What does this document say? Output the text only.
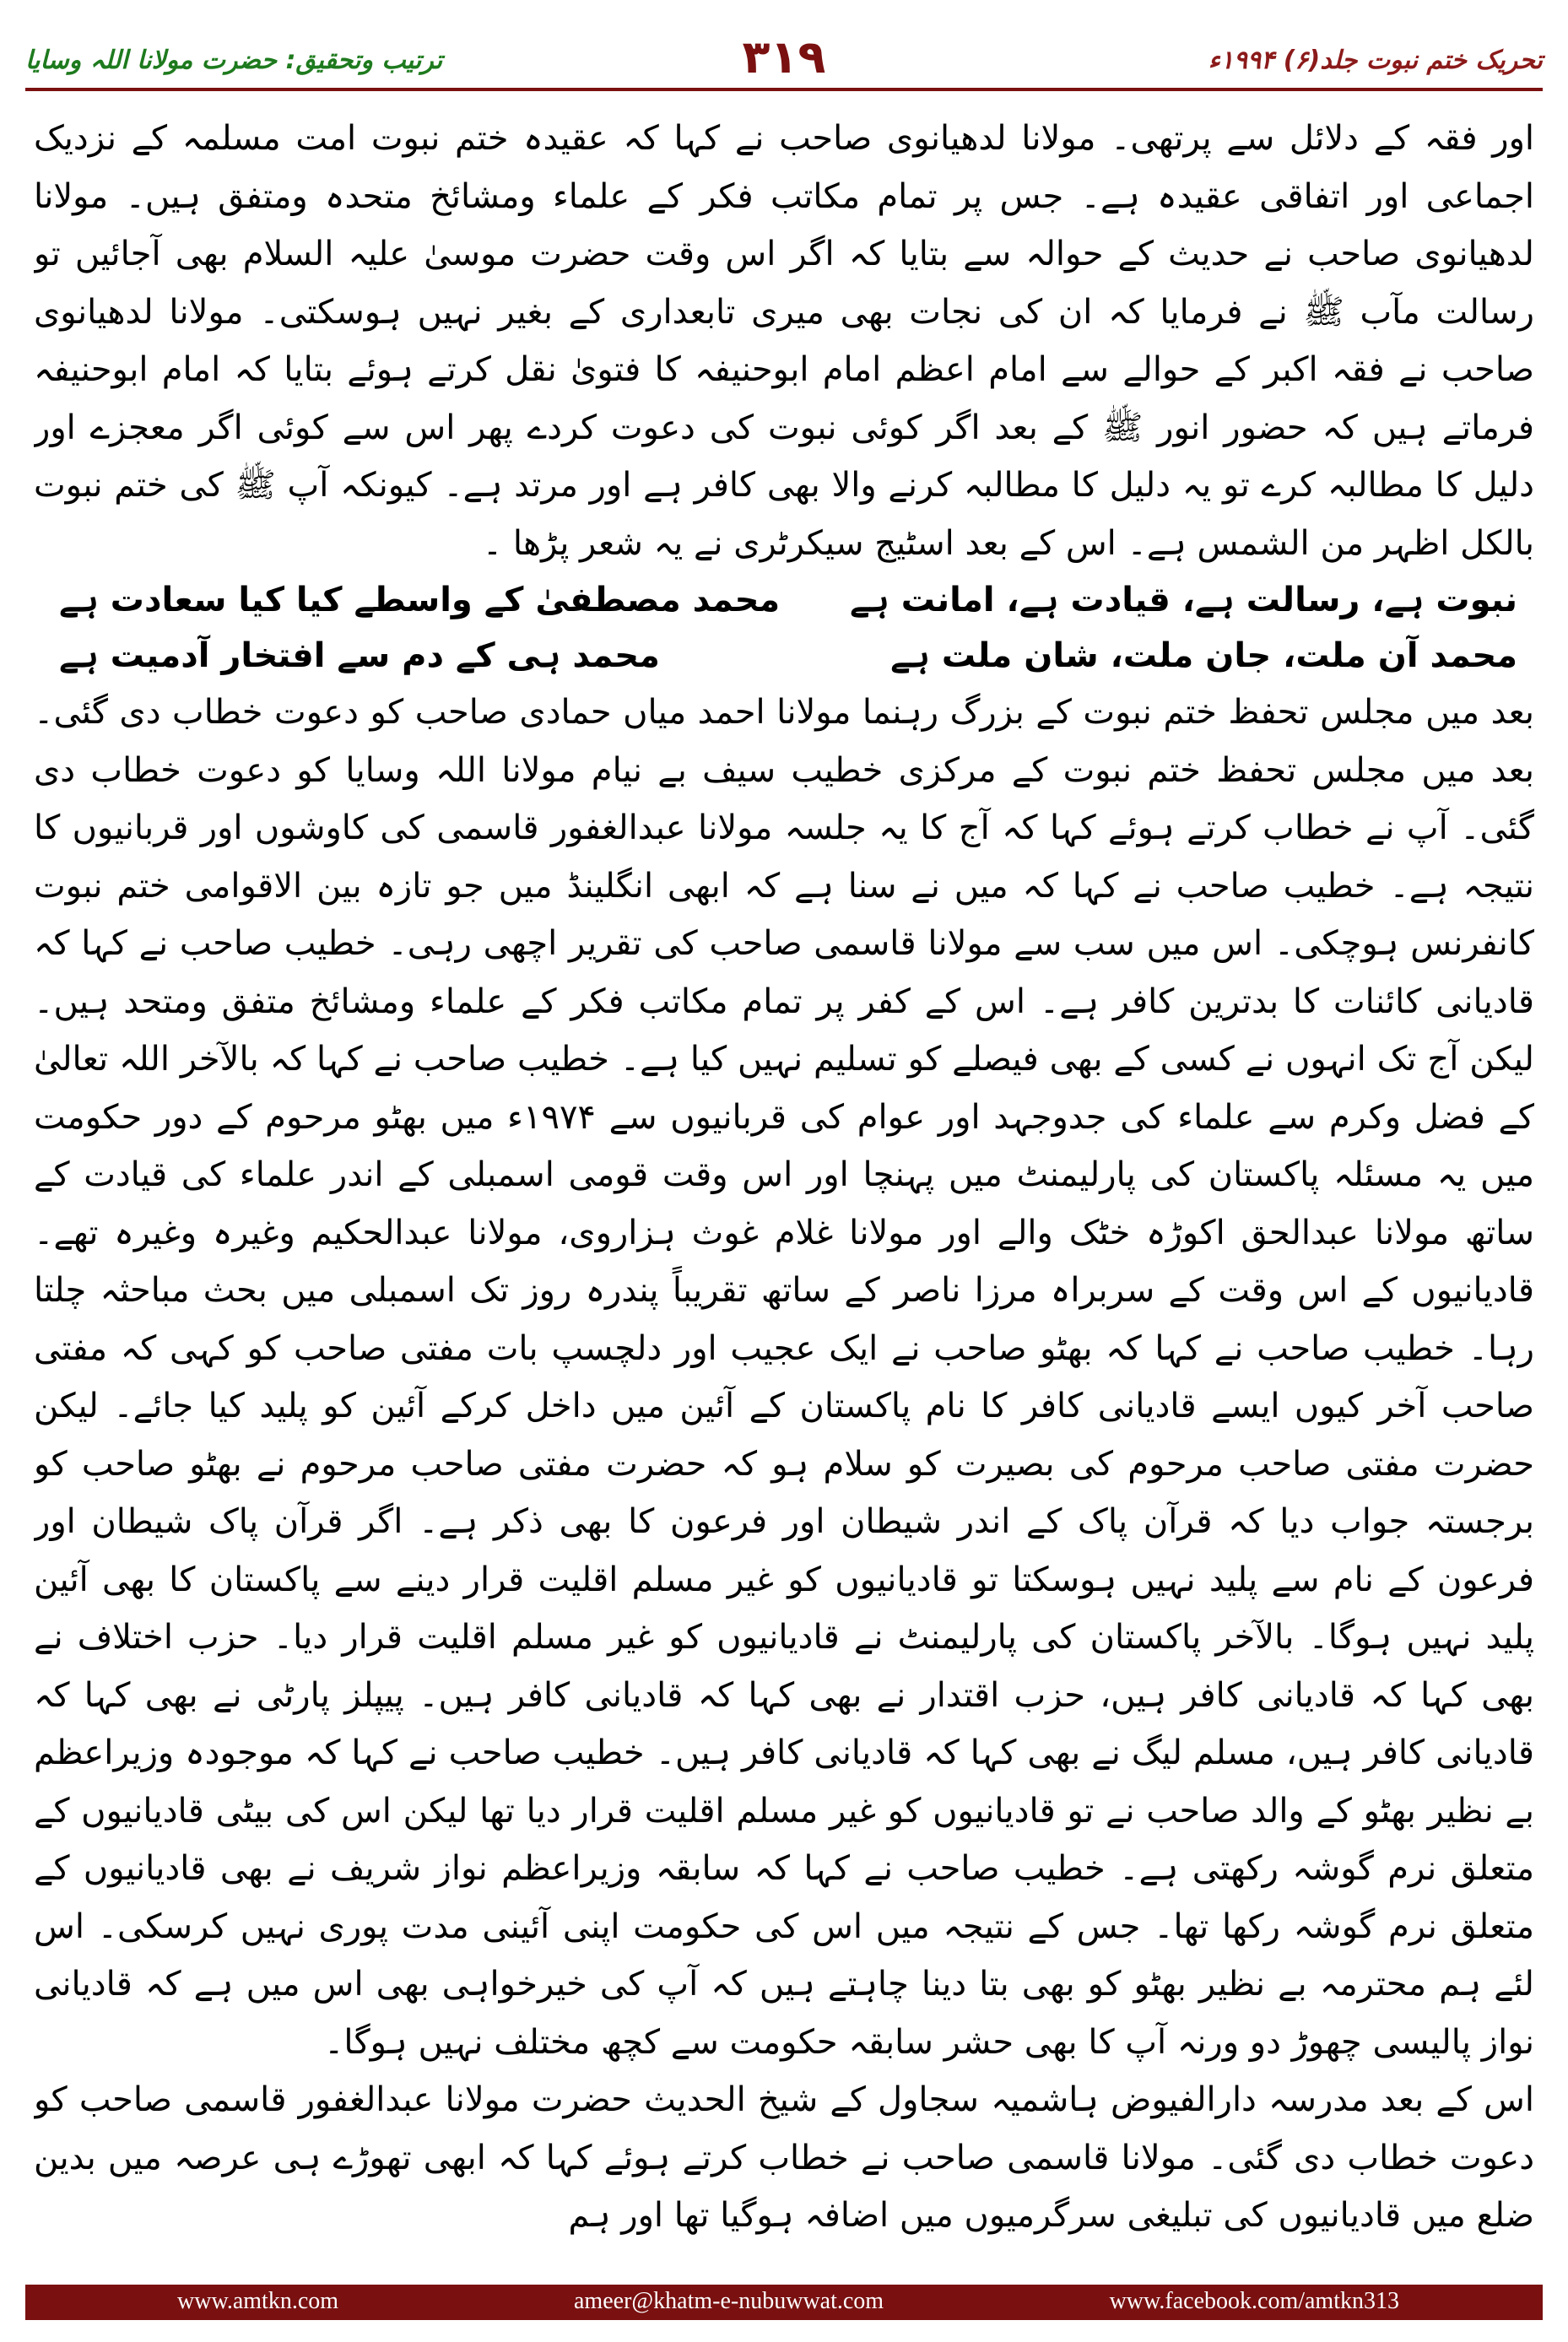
ترتیب وتحقیق: حضرت مولانا اللہ وسایا	۳۱۹	تحریک ختم نبوت جلد(۶) ۱۹۹۴ء

اور فقہ کے دلائل سے پرتھی۔ مولانا لدھیانوی صاحب نے کہا کہ عقیدہ ختم نبوت امت مسلمہ کے نزدیک اجماعی اور اتفاقی عقیدہ ہے۔ جس پر تمام مکاتب فکر کے علماء ومشائخ متحدہ ومتفق ہیں۔ مولانا لدھیانوی صاحب نے حدیث کے حوالہ سے بتایا کہ اگر اس وقت حضرت موسیٰ علیہ السلام بھی آجائیں تو رسالت مآب ﷺ نے فرمایا کہ ان کی نجات بھی میری تابعداری کے بغیر نہیں ہوسکتی۔ مولانا لدھیانوی صاحب نے فقہ اکبر کے حوالے سے امام اعظم امام ابوحنیفہ کا فتویٰ نقل کرتے ہوئے بتایا کہ امام ابوحنیفہ فرماتے ہیں کہ حضور انور ﷺ کے بعد اگر کوئی نبوت کی دعوت کردے پھر اس سے کوئی اگر معجزے اور دلیل کا مطالبہ کرے تو یہ دلیل کا مطالبہ کرنے والا بھی کافر ہے اور مرتد ہے۔ کیونکہ آپ ﷺ کی ختم نبوت بالکل اظہر من الشمس ہے۔ اس کے بعد اسٹیج سیکرٹری نے یہ شعر پڑھا ۔

نبوت ہے، رسالت ہے، قیادت ہے، امانت ہے
محمد مصطفیٰ کے واسطے کیا کیا سعادت ہے
محمد آن ملت، جان ملت، شان ملت ہے
محمد ہی کے دم سے افتخار آدمیت ہے

بعد میں مجلس تحفظ ختم نبوت کے بزرگ رہنما مولانا احمد میاں حمادی صاحب کو دعوت خطاب دی گئی۔ بعد میں مجلس تحفظ ختم نبوت کے مرکزی خطیب سیف بے نیام مولانا اللہ وسایا کو دعوت خطاب دی گئی۔ آپ نے خطاب کرتے ہوئے کہا کہ آج کا یہ جلسہ مولانا عبدالغفور قاسمی کی کاوشوں اور قربانیوں کا نتیجہ ہے۔ خطیب صاحب نے کہا کہ میں نے سنا ہے کہ ابھی انگلینڈ میں جو تازہ بین الاقوامی ختم نبوت کانفرنس ہوچکی۔ اس میں سب سے مولانا قاسمی صاحب کی تقریر اچھی رہی۔ خطیب صاحب نے کہا کہ قادیانی کائنات کا بدترین کافر ہے۔ اس کے کفر پر تمام مکاتب فکر کے علماء ومشائخ متفق ومتحد ہیں۔ لیکن آج تک انہوں نے کسی کے بھی فیصلے کو تسلیم نہیں کیا ہے۔ خطیب صاحب نے کہا کہ بالآخر اللہ تعالیٰ کے فضل وکرم سے علماء کی جدوجہد اور عوام کی قربانیوں سے ۱۹۷۴ء میں بھٹو مرحوم کے دور حکومت میں یہ مسئلہ پاکستان کی پارلیمنٹ میں پہنچا اور اس وقت قومی اسمبلی کے اندر علماء کی قیادت کے ساتھ مولانا عبدالحق اکوڑہ خٹک والے اور مولانا غلام غوث ہزاروی، مولانا عبدالحکیم وغیرہ وغیرہ تھے۔ قادیانیوں کے اس وقت کے سربراہ مرزا ناصر کے ساتھ تقریباً پندرہ روز تک اسمبلی میں بحث مباحثہ چلتا رہا۔ خطیب صاحب نے کہا کہ بھٹو صاحب نے ایک عجیب اور دلچسپ بات مفتی صاحب کو کہی کہ مفتی صاحب آخر کیوں ایسے قادیانی کافر کا نام پاکستان کے آئین میں داخل کرکے آئین کو پلید کیا جائے۔ لیکن حضرت مفتی صاحب مرحوم کی بصیرت کو سلام ہو کہ حضرت مفتی صاحب مرحوم نے بھٹو صاحب کو برجستہ جواب دیا کہ قرآن پاک کے اندر شیطان اور فرعون کا بھی ذکر ہے۔ اگر قرآن پاک شیطان اور فرعون کے نام سے پلید نہیں ہوسکتا تو قادیانیوں کو غیر مسلم اقلیت قرار دینے سے پاکستان کا بھی آئین پلید نہیں ہوگا۔ بالآخر پاکستان کی پارلیمنٹ نے قادیانیوں کو غیر مسلم اقلیت قرار دیا۔ حزب اختلاف نے بھی کہا کہ قادیانی کافر ہیں، حزب اقتدار نے بھی کہا کہ قادیانی کافر ہیں۔ پیپلز پارٹی نے بھی کہا کہ قادیانی کافر ہیں، مسلم لیگ نے بھی کہا کہ قادیانی کافر ہیں۔ خطیب صاحب نے کہا کہ موجودہ وزیراعظم بے نظیر بھٹو کے والد صاحب نے تو قادیانیوں کو غیر مسلم اقلیت قرار دیا تھا لیکن اس کی بیٹی قادیانیوں کے متعلق نرم گوشہ رکھتی ہے۔ خطیب صاحب نے کہا کہ سابقہ وزیراعظم نواز شریف نے بھی قادیانیوں کے متعلق نرم گوشہ رکھا تھا۔ جس کے نتیجہ میں اس کی حکومت اپنی آئینی مدت پوری نہیں کرسکی۔ اس لئے ہم محترمہ بے نظیر بھٹو کو بھی بتا دینا چاہتے ہیں کہ آپ کی خیرخواہی بھی اس میں ہے کہ قادیانی نواز پالیسی چھوڑ دو ورنہ آپ کا بھی حشر سابقہ حکومت سے کچھ مختلف نہیں ہوگا۔

اس کے بعد مدرسہ دارالفیوض ہاشمیہ سجاول کے شیخ الحدیث حضرت مولانا عبدالغفور قاسمی صاحب کو دعوت خطاب دی گئی۔ مولانا قاسمی صاحب نے خطاب کرتے ہوئے کہا کہ ابھی تھوڑے ہی عرصہ میں بدین ضلع میں قادیانیوں کی تبلیغی سرگرمیوں میں اضافہ ہوگیا تھا اور ہم

www.amtkn.com	ameer@khatm-e-nubuwwat.com	www.facebook.com/amtkn313
